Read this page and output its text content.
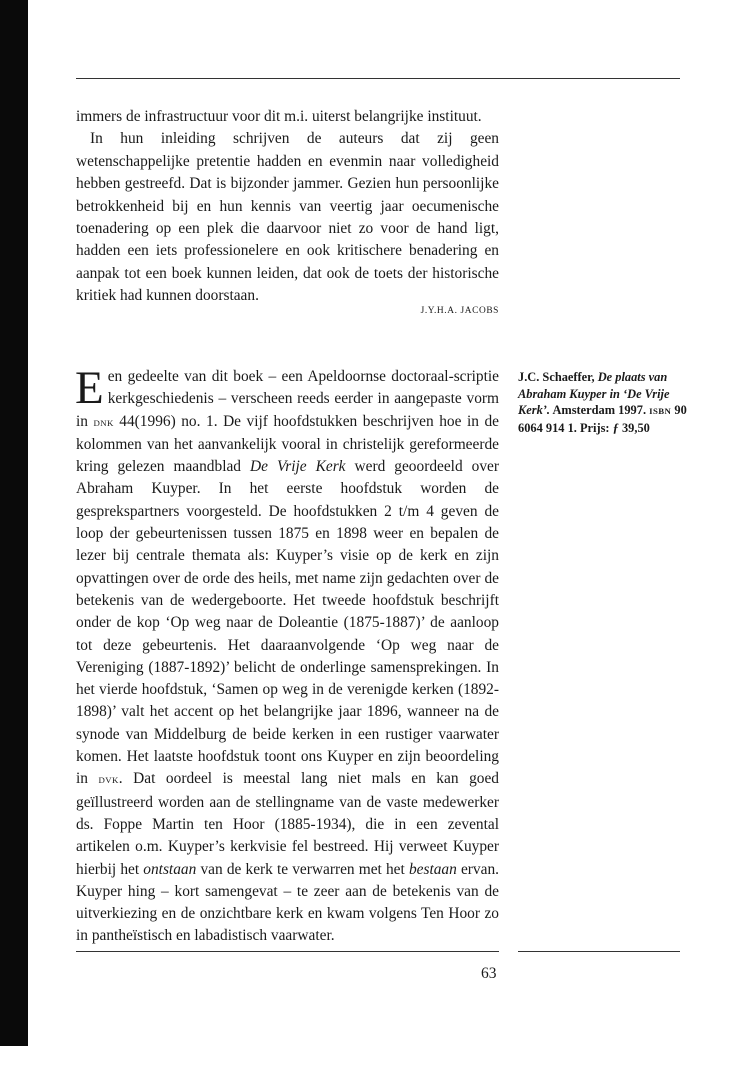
immers de infrastructuur voor dit m.i. uiterst belangrijke instituut.

In hun inleiding schrijven de auteurs dat zij geen wetenschappelijke pretentie hadden en evenmin naar volledigheid hebben gestreefd. Dat is bijzonder jammer. Gezien hun persoonlijke betrokkenheid bij en hun kennis van veertig jaar oecumenische toenadering op een plek die daarvoor niet zo voor de hand ligt, hadden een iets professionelere en ook kritischere benadering en aanpak tot een boek kunnen leiden, dat ook de toets der historische kritiek had kunnen doorstaan.

J.Y.H.A. JACOBS

Een gedeelte van dit boek – een Apeldoornse doctoraal-scriptie kerkgeschiedenis – verscheen reeds eerder in aangepaste vorm in DNK 44(1996) no. 1. De vijf hoofdstukken beschrijven hoe in de kolommen van het aanvankelijk vooral in christelijk gereformeerde kring gelezen maandblad De Vrije Kerk werd geoordeeld over Abraham Kuyper. In het eerste hoofdstuk worden de gesprekspartners voorgesteld. De hoofdstukken 2 t/m 4 geven de loop der gebeurtenissen tussen 1875 en 1898 weer en bepalen de lezer bij centrale themata als: Kuyper’s visie op de kerk en zijn opvattingen over de orde des heils, met name zijn gedachten over de betekenis van de wedergeboorte. Het tweede hoofdstuk beschrijft onder de kop ‘Op weg naar de Doleantie (1875-1887)’ de aanloop tot deze gebeurtenis. Het daaraanvolgende ‘Op weg naar de Vereniging (1887-1892)’ belicht de onderlinge samensprekingen. In het vierde hoofdstuk, ‘Samen op weg in de verenigde kerken (1892-1898)’ valt het accent op het belangrijke jaar 1896, wanneer na de synode van Middelburg de beide kerken in een rustiger vaarwater komen. Het laatste hoofdstuk toont ons Kuyper en zijn beoordeling in DVK. Dat oordeel is meestal lang niet mals en kan goed geïllustreerd worden aan de stellingname van de vaste medewerker ds. Foppe Martin ten Hoor (1885-1934), die in een zevental artikelen o.m. Kuyper’s kerkvisie fel bestreed. Hij verweet Kuyper hierbij het ontstaan van de kerk te verwarren met het bestaan ervan. Kuyper hing – kort samengevat – te zeer aan de betekenis van de uitverkiezing en de onzichtbare kerk en kwam volgens Ten Hoor zo in pantheïstisch en labadistisch vaarwater.

J.C. Schaeffer, De plaats van Abraham Kuyper in ‘De Vrije Kerk’. Amsterdam 1997. ISBN 90 6064 914 1. Prijs: ƒ 39,50

63
